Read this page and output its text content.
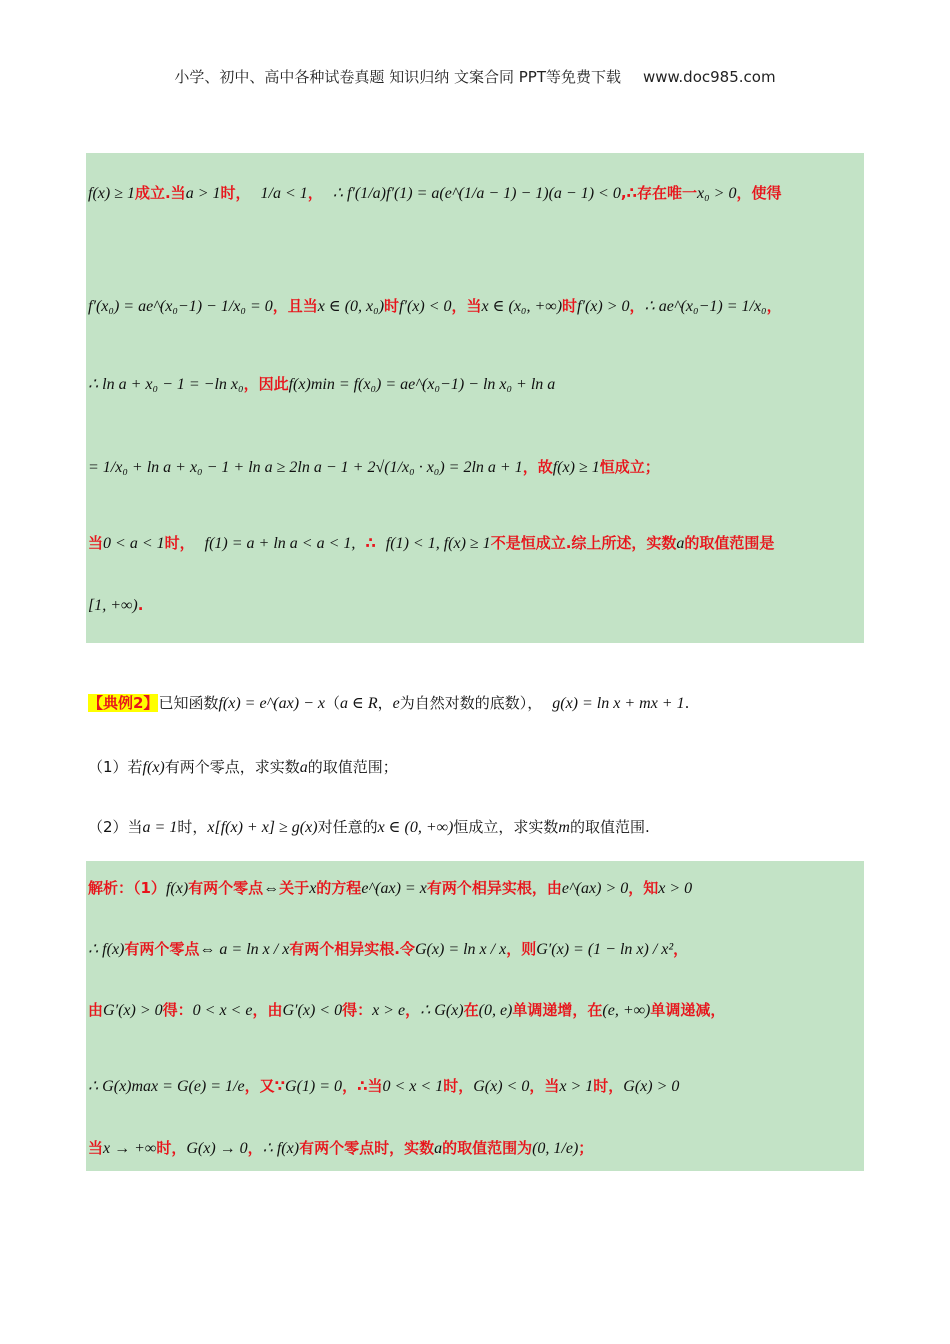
小学、初中、高中各种试卷真题 知识归纳 文案合同 PPT等免费下载 www.doc985.com
f(x) ≥ 1成立.当a > 1时， 1/a < 1， ∴ f′(1/a)f′(1) = a(e^(1/a − 1) − 1)(a − 1) < 0,∴存在唯一x₀ > 0，使得
f′(x₀) = ae^(x₀−1) − 1/x₀ = 0，且当x ∈ (0, x₀)时f′(x) < 0，当x ∈ (x₀, +∞)时f′(x) > 0，∴ ae^(x₀−1) = 1/x₀，
∴ ln a + x₀ − 1 = −ln x₀，因此f(x)min = f(x₀) = ae^(x₀−1) − ln x₀ + ln a
= 1/x₀ + ln a + x₀ − 1 + ln a ≥ 2ln a − 1 + 2√(1/x₀ · x₀) = 2ln a + 1，故f(x) ≥ 1恒成立；
当0 < a < 1时， f(1) = a + ln a < a < 1, ∴ f(1) < 1, f(x) ≥ 1不是恒成立.综上所述，实数a的取值范围是
[1, +∞).
【典例2】已知函数f(x) = e^(ax) − x（a ∈ R，e为自然对数的底数）， g(x) = ln x + mx + 1.
（1）若f(x)有两个零点，求实数a的取值范围；
（2）当a = 1时，x[f(x) + x] ≥ g(x)对任意的x ∈ (0, +∞)恒成立，求实数m的取值范围.
解析：（1）f(x)有两个零点⇔关于x的方程e^(ax) = x有两个相异实根，由e^(ax) > 0，知x > 0
∴ f(x)有两个零点⇔ a = ln x / x有两个相异实根.令G(x) = ln x / x，则G′(x) = (1 − ln x) / x²，
由G′(x) > 0得：0 < x < e，由G′(x) < 0得：x > e，∴ G(x)在(0, e)单调递增，在(e, +∞)单调递减，
∴ G(x)max = G(e) = 1/e，又∵G(1) = 0，∴当0 < x < 1时，G(x) < 0，当x > 1时，G(x) > 0
当x → +∞时，G(x) → 0，∴ f(x)有两个零点时，实数a的取值范围为(0, 1/e)；
